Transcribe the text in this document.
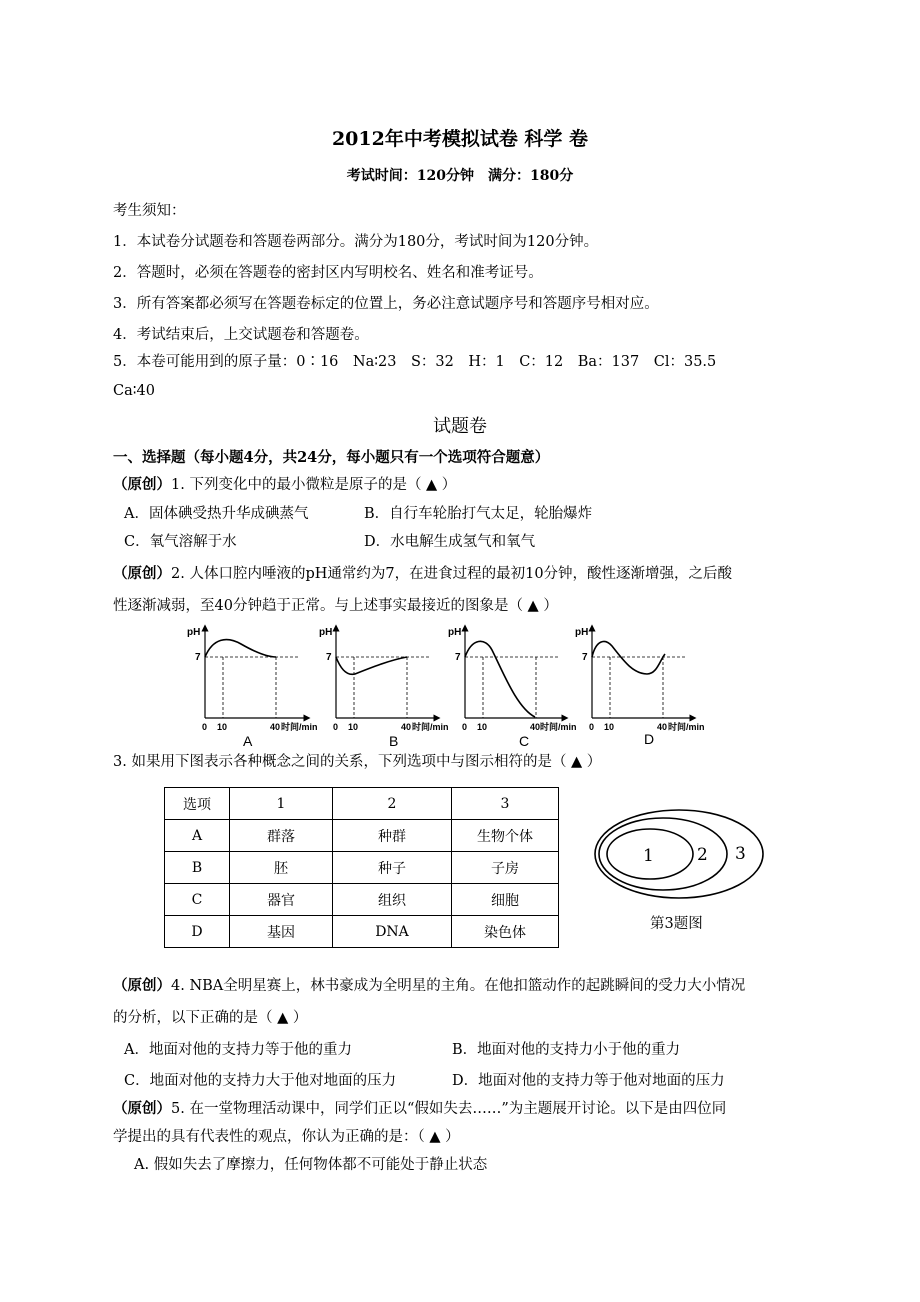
2012年中考模拟试卷 科学 卷
考试时间：120分钟　满分：180分
考生须知：
1．本试卷分试题卷和答题卷两部分。满分为180分，考试时间为120分钟。
2．答题时，必须在答题卷的密封区内写明校名、姓名和准考证号。
3．所有答案都必须写在答题卷标定的位置上，务必注意试题序号和答题序号相对应。
4．考试结束后，上交试题卷和答题卷。
5．本卷可能用到的原子量：0∶16　Na∶23　S：32　H：1　C：12　Ba：137　Cl：35.5
Ca∶40
试题卷
一、选择题（每小题4分，共24分，每小题只有一个选项符合题意）
（原创）1. 下列变化中的最小微粒是原子的是（ ▲ ）
A．固体碘受热升华成碘蒸气	B．自行车轮胎打气太足，轮胎爆炸
C．氧气溶解于水	D．水电解生成氢气和氧气
（原创）2. 人体口腔内唾液的pH通常约为7，在进食过程的最初10分钟，酸性逐渐增强，之后酸
性逐渐减弱，至40分钟趋于正常。与上述事实最接近的图象是（ ▲ ）
pH
7
0 10	40 时间/min
A
pH
7
0 10	40 时间/min
B
pH
7
0 10	40 时间/min
C
pH
7
0 10	40 时间/min
D
3. 如果用下图表示各种概念之间的关系，下列选项中与图示相符的是（ ▲ ）
选项	1	2	3
A	群落	种群	生物个体
B	胚	种子	子房
C	器官	组织	细胞
D	基因	DNA	染色体
1	2 3
第3题图
（原创）4. NBA全明星赛上，林书豪成为全明星的主角。在他扣篮动作的起跳瞬间的受力大小情况
的分析，以下正确的是（ ▲ ）
A．地面对他的支持力等于他的重力	B．地面对他的支持力小于他的重力
C．地面对他的支持力大于他对地面的压力	D．地面对他的支持力等于他对地面的压力
（原创）5. 在一堂物理活动课中，同学们正以“假如失去……”为主题展开讨论。以下是由四位同
学提出的具有代表性的观点，你认为正确的是：（ ▲ ）
A. 假如失去了摩擦力，任何物体都不可能处于静止状态
